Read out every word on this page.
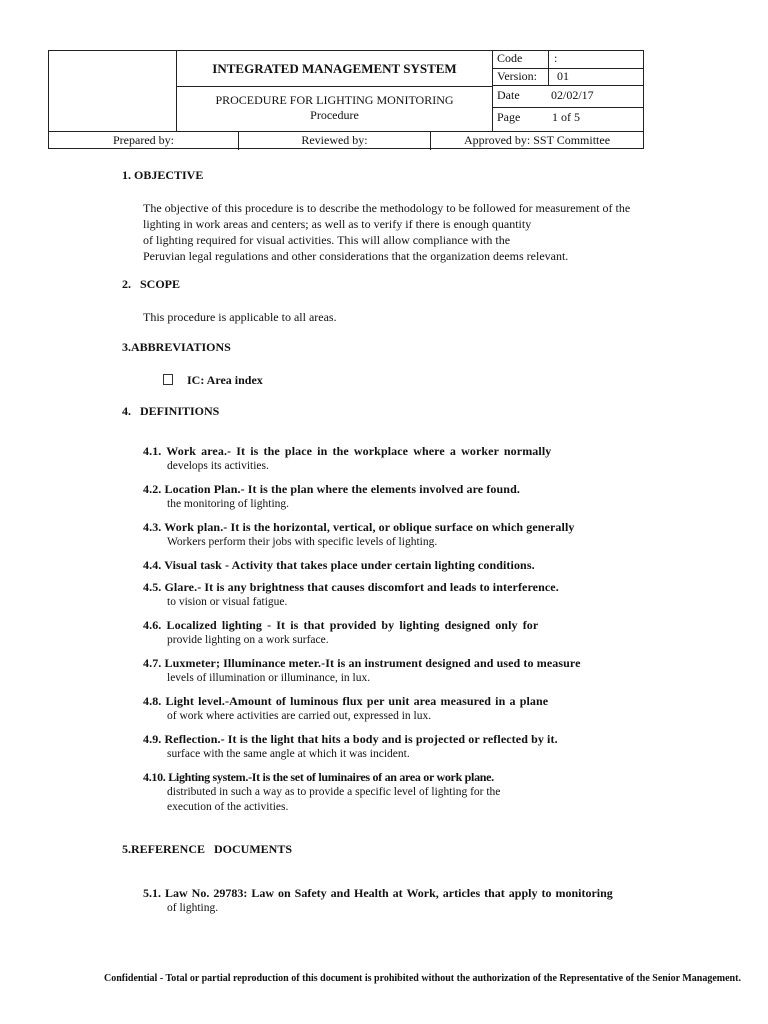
INTEGRATED MANAGEMENT SYSTEM
PROCEDURE FOR LIGHTING MONITORING
Procedure
Code	:
Version: 01
Date	02/02/17
Page	1 of 5
Prepared by:	Reviewed by:	Approved by: SST Committee
1. OBJECTIVE
The objective of this procedure is to describe the methodology to be followed for measurement of the
lighting in work areas and centers; as well as to verify if there is enough quantity
of lighting required for visual activities. This will allow compliance with the
Peruvian legal regulations and other considerations that the organization deems relevant.
2.   SCOPE
This procedure is applicable to all areas.
3.ABBREVIATIONS
IC: Area index
4.   DEFINITIONS
4.1. Work area.- It is the place in the workplace where a worker normally
develops its activities.
4.2. Location Plan.- It is the plan where the elements involved are found.
the monitoring of lighting.
4.3. Work plan.- It is the horizontal, vertical, or oblique surface on which generally
Workers perform their jobs with specific levels of lighting.
4.4. Visual task - Activity that takes place under certain lighting conditions.
4.5. Glare.- It is any brightness that causes discomfort and leads to interference.
to vision or visual fatigue.
4.6. Localized lighting - It is that provided by lighting designed only for
provide lighting on a work surface.
4.7. Luxmeter; Illuminance meter.-It is an instrument designed and used to measure
levels of illumination or illuminance, in lux.
4.8. Light level.-Amount of luminous flux per unit area measured in a plane
of work where activities are carried out, expressed in lux.
4.9. Reflection.- It is the light that hits a body and is projected or reflected by it.
surface with the same angle at which it was incident.
4.10. Lighting system.-It is the set of luminaires of an area or work plane.
distributed in such a way as to provide a specific level of lighting for the
execution of the activities.
5.REFERENCE   DOCUMENTS
5.1. Law No. 29783: Law on Safety and Health at Work, articles that apply to monitoring
of lighting.
Confidential - Total or partial reproduction of this document is prohibited without the authorization of the Representative of the Senior Management.
